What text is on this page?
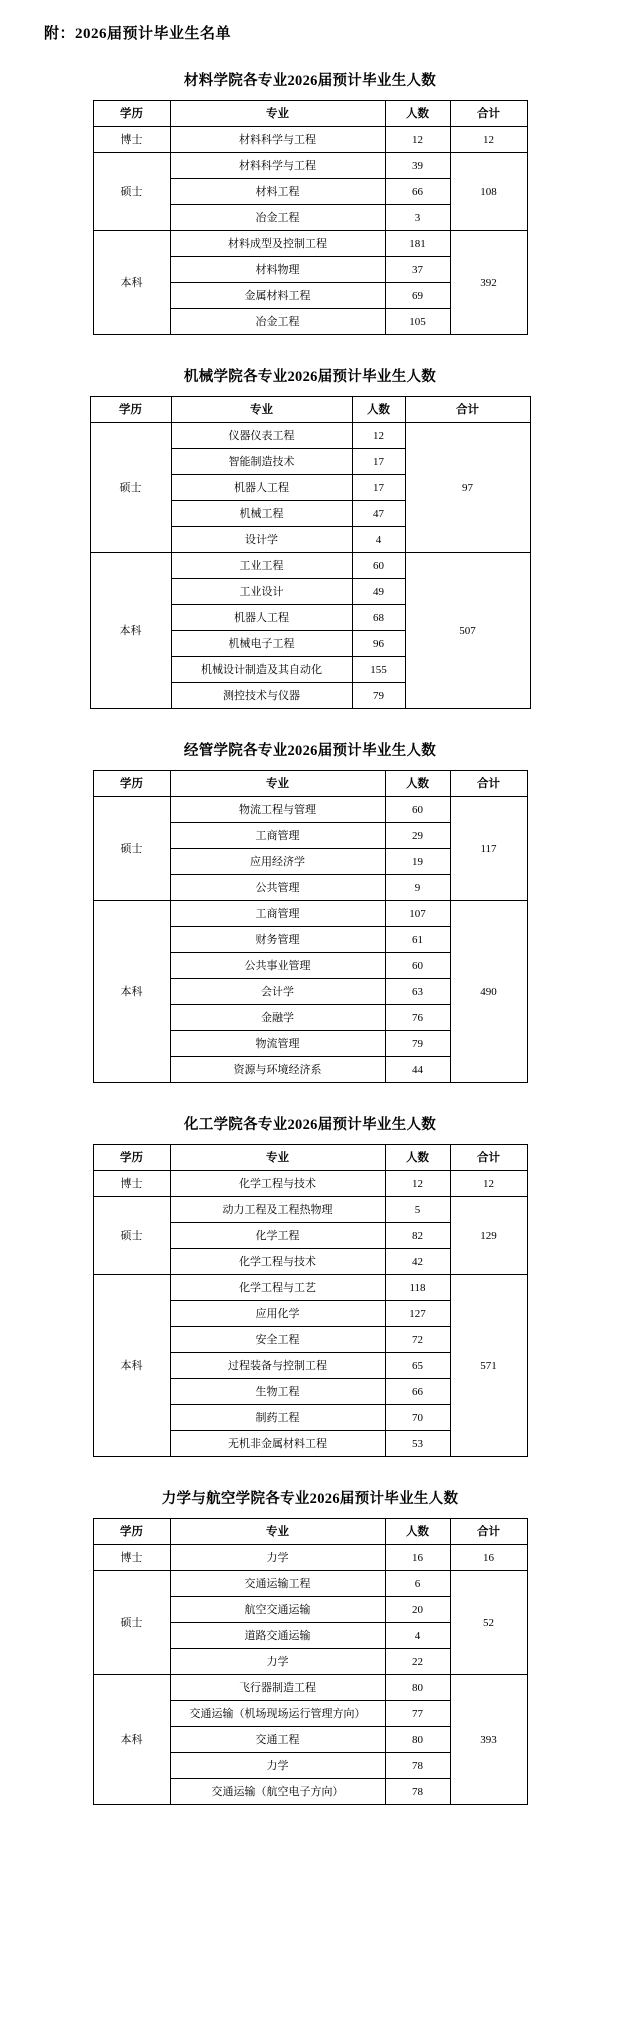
附：2026届预计毕业生名单
材料学院各专业2026届预计毕业生人数
学历	专业	人数	合计
博士	材料科学与工程	12	12
硕士	材料科学与工程	39	108
	材料工程	66	
	冶金工程	3	
本科	材料成型及控制工程	181	392
	材料物理	37	
	金属材料工程	69	
	冶金工程	105	
机械学院各专业2026届预计毕业生人数
学历	专业	人数	合计
硕士	仪器仪表工程	12	97
	智能制造技术	17	
	机器人工程	17	
	机械工程	47	
	设计学	4	
本科	工业工程	60	507
	工业设计	49	
	机器人工程	68	
	机械电子工程	96	
	机械设计制造及其自动化	155	
	测控技术与仪器	79	
经管学院各专业2026届预计毕业生人数
学历	专业	人数	合计
硕士	物流工程与管理	60	117
	工商管理	29	
	应用经济学	19	
	公共管理	9	
本科	工商管理	107	490
	财务管理	61	
	公共事业管理	60	
	会计学	63	
	金融学	76	
	物流管理	79	
	资源与环境经济系	44	
化工学院各专业2026届预计毕业生人数
学历	专业	人数	合计
博士	化学工程与技术	12	12
硕士	动力工程及工程热物理	5	129
	化学工程	82	
	化学工程与技术	42	
本科	化学工程与工艺	118	571
	应用化学	127	
	安全工程	72	
	过程装备与控制工程	65	
	生物工程	66	
	制药工程	70	
	无机非金属材料工程	53	
力学与航空学院各专业2026届预计毕业生人数
学历	专业	人数	合计
博士	力学	16	16
硕士	交通运输工程	6	52
	航空交通运输	20	
	道路交通运输	4	
	力学	22	
本科	飞行器制造工程	80	393
	交通运输（机场现场运行管理方向）	77	
	交通工程	80	
	力学	78	
	交通运输（航空电子方向）	78	
